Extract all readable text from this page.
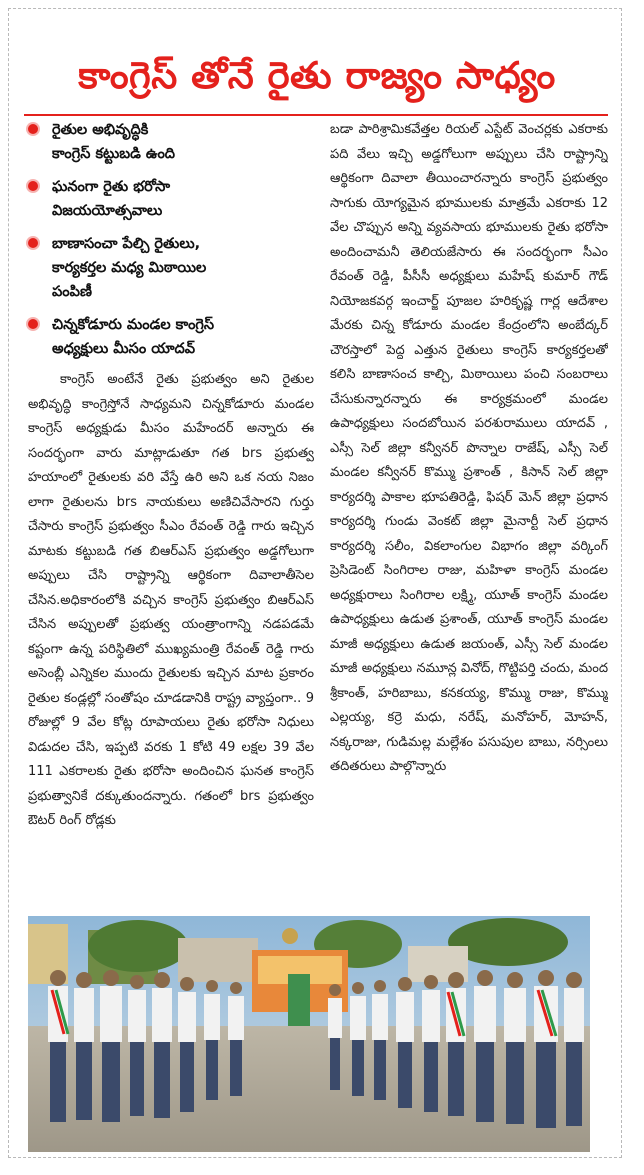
కాంగ్రెస్ తోనే రైతు రాజ్యం సాధ్యం
రైతుల అభివృద్ధికి
కాంగ్రెస్ కట్టుబడి ఉంది
ఘనంగా రైతు భరోసా
విజయయోత్సవాలు
బాణాసంచా పేల్చి రైతులు,
కార్యకర్తల మధ్య మిఠాయిల
పంపిణీ
చిన్నకోడూరు మండల కాంగ్రెస్
అధ్యక్షులు మీసం యాదవ్

కాంగ్రెస్ అంటేనే రైతు ప్రభుత్వం అని రైతుల అభివృద్ధి కాంగ్రెస్తోనే సాధ్యమని చిన్నకోడూరు మండల కాంగ్రెస్ అధ్యక్షుడు మీసం మహేందర్ అన్నారు ఈ సందర్భంగా వారు మాట్లాడుతూ గత brs ప్రభుత్వ హయాంలో రైతులకు వరి వేస్తే ఉరి అని ఒక నయ నిజం లాగా రైతులను brs నాయకులు అణిచివేసారని గుర్తు చేసారు కాంగ్రెస్ ప్రభుత్వం సీఎం రేవంత్ రెడ్డి గారు ఇచ్చిన మాటకు కట్టుబడి గత బిఆర్ఎస్ ప్రభుత్వం అడ్డగోలుగా అప్పులు చేసి రాష్ట్రాన్ని ఆర్థికంగా దివాలాతీసెల చేసిన.అధికారంలోకి వచ్చిన కాంగ్రెస్ ప్రభుత్వం బిఆర్ఎస్ చేసిన అప్పులతో ప్రభుత్వ యంత్రాంగాన్ని నడపడమే కష్టంగా ఉన్న పరిస్థితిలో ముఖ్యమంత్రి రేవంత్ రెడ్డి గారు అసెంబ్లీ ఎన్నికల ముందు రైతులకు ఇచ్చిన మాట ప్రకారం రైతుల కండ్లల్లో సంతోషం చూడడానికి రాష్ట్ర వ్యాప్తంగా.. 9 రోజుల్లో 9 వేల కోట్ల రూపాయలు రైతు భరోసా నిధులు విడుదల చేసి, ఇప్పటి వరకు 1 కోటి 49 లక్షల 39 వేల 111 ఎకరాలకు రైతు భరోసా అందించిన ఘనత కాంగ్రెస్ ప్రభుత్వానికే దక్కుతుందన్నారు. గతంలో brs ప్రభుత్వం ఔటర్ రింగ్ రోడ్లకు

బడా పారిశ్రామికవేత్తల రియల్ ఎస్టేట్ వెంచర్లకు ఎకరాకు పది వేలు ఇచ్చి అడ్డగోలుగా అప్పులు చేసి రాష్ట్రాన్ని ఆర్థికంగా దివాలా తీయించారన్నారు కాంగ్రెస్ ప్రభుత్వం సాగుకు యోగ్యమైన భూములకు మాత్రమే ఎకరాకు 12 వేల చొప్పున అన్ని వ్యవసాయ భూములకు రైతు భరోసా అందించామనీ తెలియజేసారు ఈ సందర్భంగా సీఎం రేవంత్ రెడ్డి, పీసీసీ అధ్యక్షులు మహేష్ కుమార్ గౌడ్ నియోజకవర్గ ఇంచార్జ్ పూజల హరికృష్ణ గార్ల ఆదేశాల మేరకు చిన్న కోడూరు మండల కేంద్రంలోని అంబేద్కర్ చౌరస్తాలో పెద్ద ఎత్తున రైతులు కాంగ్రెస్ కార్యకర్తలతో కలిసి బాణాసంచ కాల్చి, మిఠాయిలు పంచి సంబరాలు చేసుకున్నారన్నారు ఈ కార్యక్రమంలో మండల ఉపాధ్యక్షులు సందబోయిన పరశురాములు యాదవ్ , ఎస్సీ సెల్ జిల్లా కన్వీనర్ పొన్నాల రాజేష్, ఎస్సీ సెల్ మండల కన్వీనర్ కొమ్ము ప్రశాంత్ , కిసాన్ సెల్ జిల్లా కార్యదర్శి పాకాల భూపతిరెడ్డి, ఫిషర్ మెన్ జిల్లా ప్రధాన కార్యదర్శి గుండు వెంకట్ జిల్లా మైనార్టీ సెల్ ప్రధాన కార్యదర్శి సలీం, వికలాంగుల విభాగం జిల్లా వర్కింగ్ ప్రెసిడెంట్ సింగిరాల రాజు, మహిళా కాంగ్రెస్ మండల అధ్యక్షురాలు సింగిరాల లక్ష్మి, యూత్ కాంగ్రెస్ మండల ఉపాధ్యక్షులు ఉడుత ప్రశాంత్, యూత్ కాంగ్రెస్ మండల మాజీ అధ్యక్షులు ఉడుత జయంత్, ఎస్సీ సెల్ మండల మాజీ అధ్యక్షులు నమూన్ల వినోద్, గొట్టిపర్తి చందు, మంద శ్రీకాంత్, హరిబాబు, కనకయ్య, కొమ్ము రాజు, కొమ్ము ఎల్లయ్య, కర్రె మధు, నరేష్, మనోహర్, మోహన్, నక్కరాజు, గుడిమల్ల మల్లేశం పసుపుల బాబు, నర్సింలు తదితరులు పాల్గొన్నారు
